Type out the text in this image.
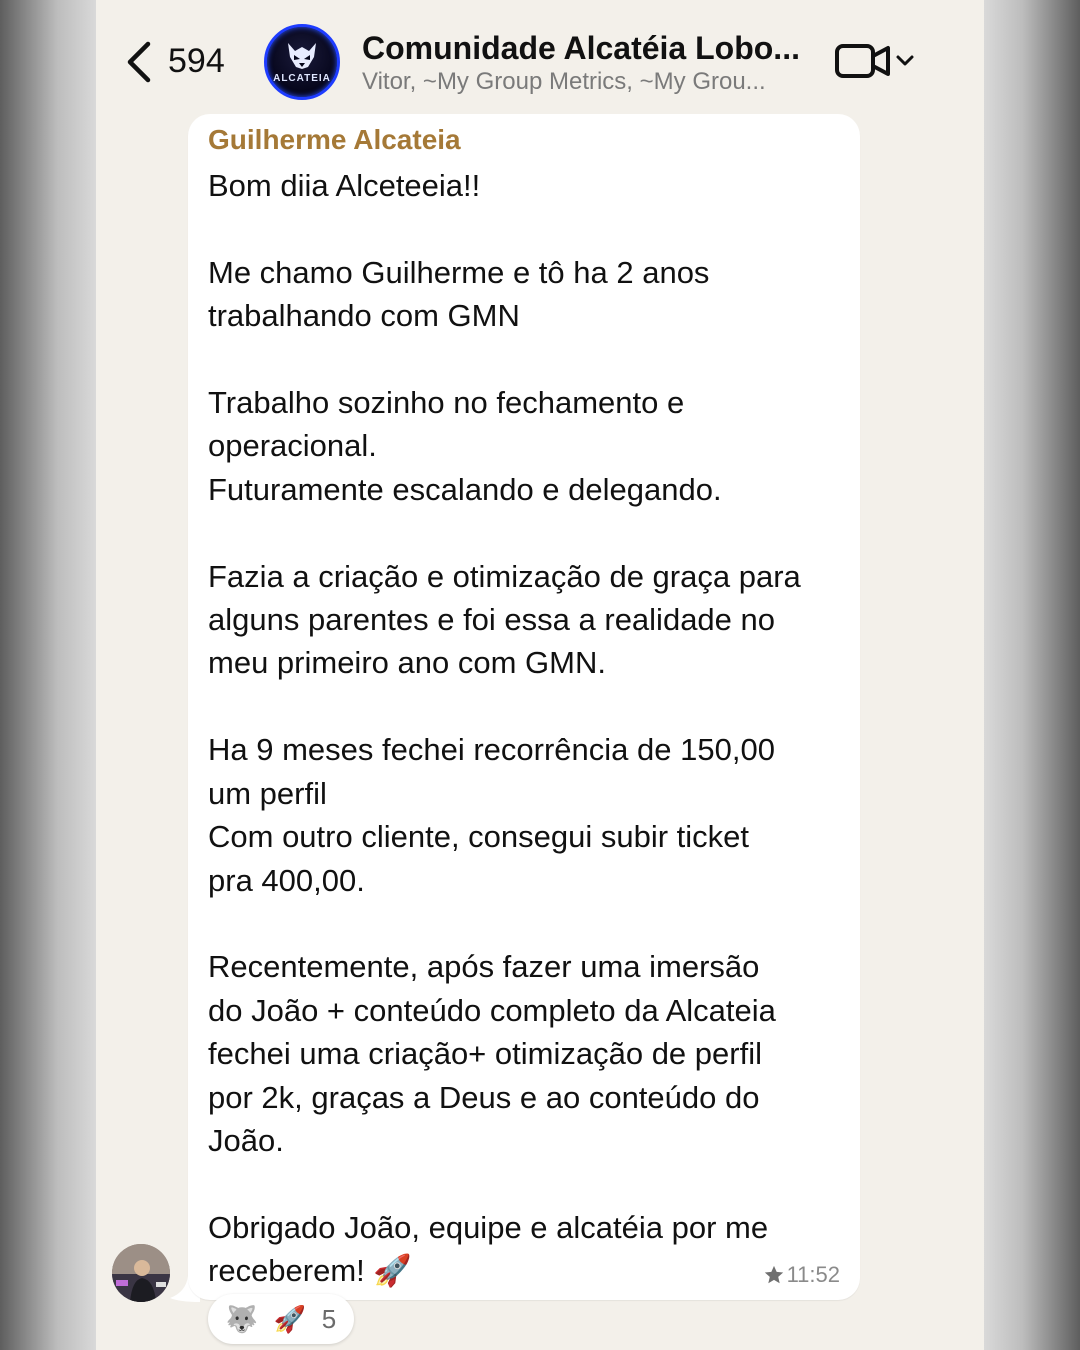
594	ALCATEIA
Comunidade Alcatéia Lobo...
Vitor, ~My Group Metrics, ~My Grou...
Guilherme Alcateia
Bom diia Alceteeia!!

Me chamo Guilherme e tô ha 2 anos
trabalhando com GMN

Trabalho sozinho no fechamento e
operacional.
Futuramente escalando e delegando.

Fazia a criação e otimização de graça para
alguns parentes e foi essa a realidade no
meu primeiro ano com GMN.

Ha 9 meses fechei recorrência de 150,00
um perfil
Com outro cliente, consegui subir ticket
pra 400,00.

Recentemente, após fazer uma imersão
do João + conteúdo completo da Alcateia
fechei uma criação+ otimização de perfil
por 2k, graças a Deus e ao conteúdo do
João.

Obrigado João, equipe e alcatéia por me
receberem! 🚀	11:52
🐺 🚀 5
